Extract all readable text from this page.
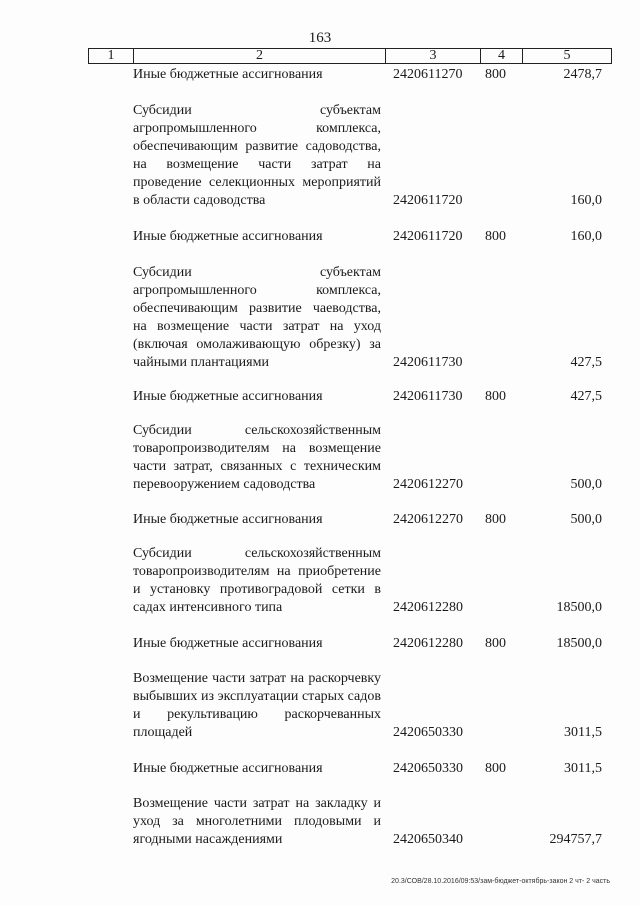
163
1	2	3	4	5
Иные бюджетные ассигнования	2420611270 800	2478,7
Субсидии субъектам агропромышленного комплекса, обеспечивающим развитие садоводства, на возмещение части затрат на проведение селекционных мероприятий в области садоводства	2420611720	160,0
Иные бюджетные ассигнования	2420611720 800	160,0
Субсидии субъектам агропромышленного комплекса, обеспечивающим развитие чаеводства, на возмещение части затрат на уход (включая омолаживающую обрезку) за чайными плантациями	2420611730	427,5
Иные бюджетные ассигнования	2420611730 800	427,5
Субсидии сельскохозяйственным товаропроизводителям на возмещение части затрат, связанных с техническим перевооружением садоводства	2420612270	500,0
Иные бюджетные ассигнования	2420612270 800	500,0
Субсидии сельскохозяйственным товаропроизводителям на приобретение и установку противоградовой сетки в садах интенсивного типа	2420612280	18500,0
Иные бюджетные ассигнования	2420612280 800	18500,0
Возмещение части затрат на раскорчевку выбывших из эксплуатации старых садов и рекультивацию раскорчеванных площадей	2420650330	3011,5
Иные бюджетные ассигнования	2420650330 800	3011,5
Возмещение части затрат на закладку и уход за многолетними плодовыми и ягодными насаждениями	2420650340	294757,7
20.3/СОВ/28.10.2016/09:53/зам-бюджет-октябрь-закон 2 чт- 2 часть
